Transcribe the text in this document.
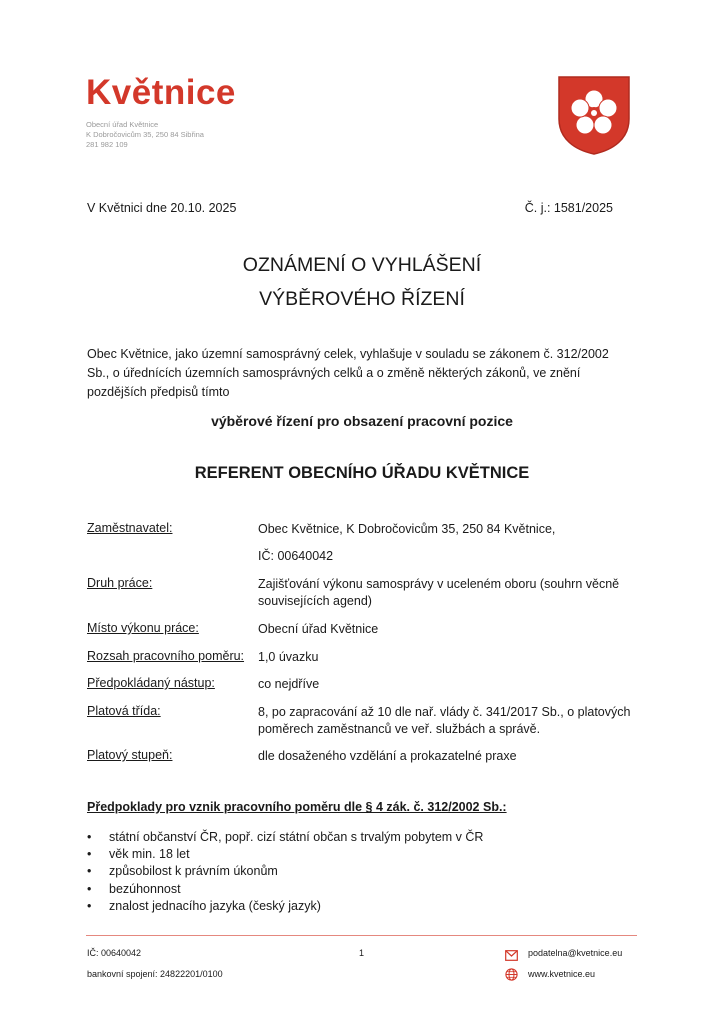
Květnice
Obecní úřad Květnice
K Dobročovicům 35, 250 84 Sibřina
281 982 109
V Květnici dne 20.10. 2025	Č. j.: 1581/2025
OZNÁMENÍ O VYHLÁŠENÍ
VÝBĚROVÉHO ŘÍZENÍ
Obec Květnice, jako územní samosprávný celek, vyhlašuje v souladu se zákonem č. 312/2002 Sb., o úřednících územních samosprávných celků a o změně některých zákonů, ve znění pozdějších předpisů tímto
výběrové řízení pro obsazení pracovní pozice
REFERENT OBECNÍHO ÚŘADU KVĚTNICE
Zaměstnavatel:	Obec Květnice, K Dobročovicům 35, 250 84 Květnice,
IČ: 00640042
Druh práce:	Zajišťování výkonu samosprávy v uceleném oboru (souhrn věcně souvisejících agend)
Místo výkonu práce:	Obecní úřad Květnice
Rozsah pracovního poměru: 1,0 úvazku
Předpokládaný nástup:	co nejdříve
Platová třída:	8, po zapracování až 10 dle nař. vlády č. 341/2017 Sb., o platových poměrech zaměstnanců ve veř. službách a správě.
Platový stupeň:	dle dosaženého vzdělání a prokazatelné praxe
Předpoklady pro vznik pracovního poměru dle § 4 zák. č. 312/2002 Sb.:
• státní občanství ČR, popř. cizí státní občan s trvalým pobytem v ČR
• věk min. 18 let
• způsobilost k právním úkonům
• bezúhonnost
• znalost jednacího jazyka (český jazyk)
IČ: 00640042
bankovní spojení: 24822201/0100
1	podatelna@kvetnice.eu
www.kvetnice.eu
